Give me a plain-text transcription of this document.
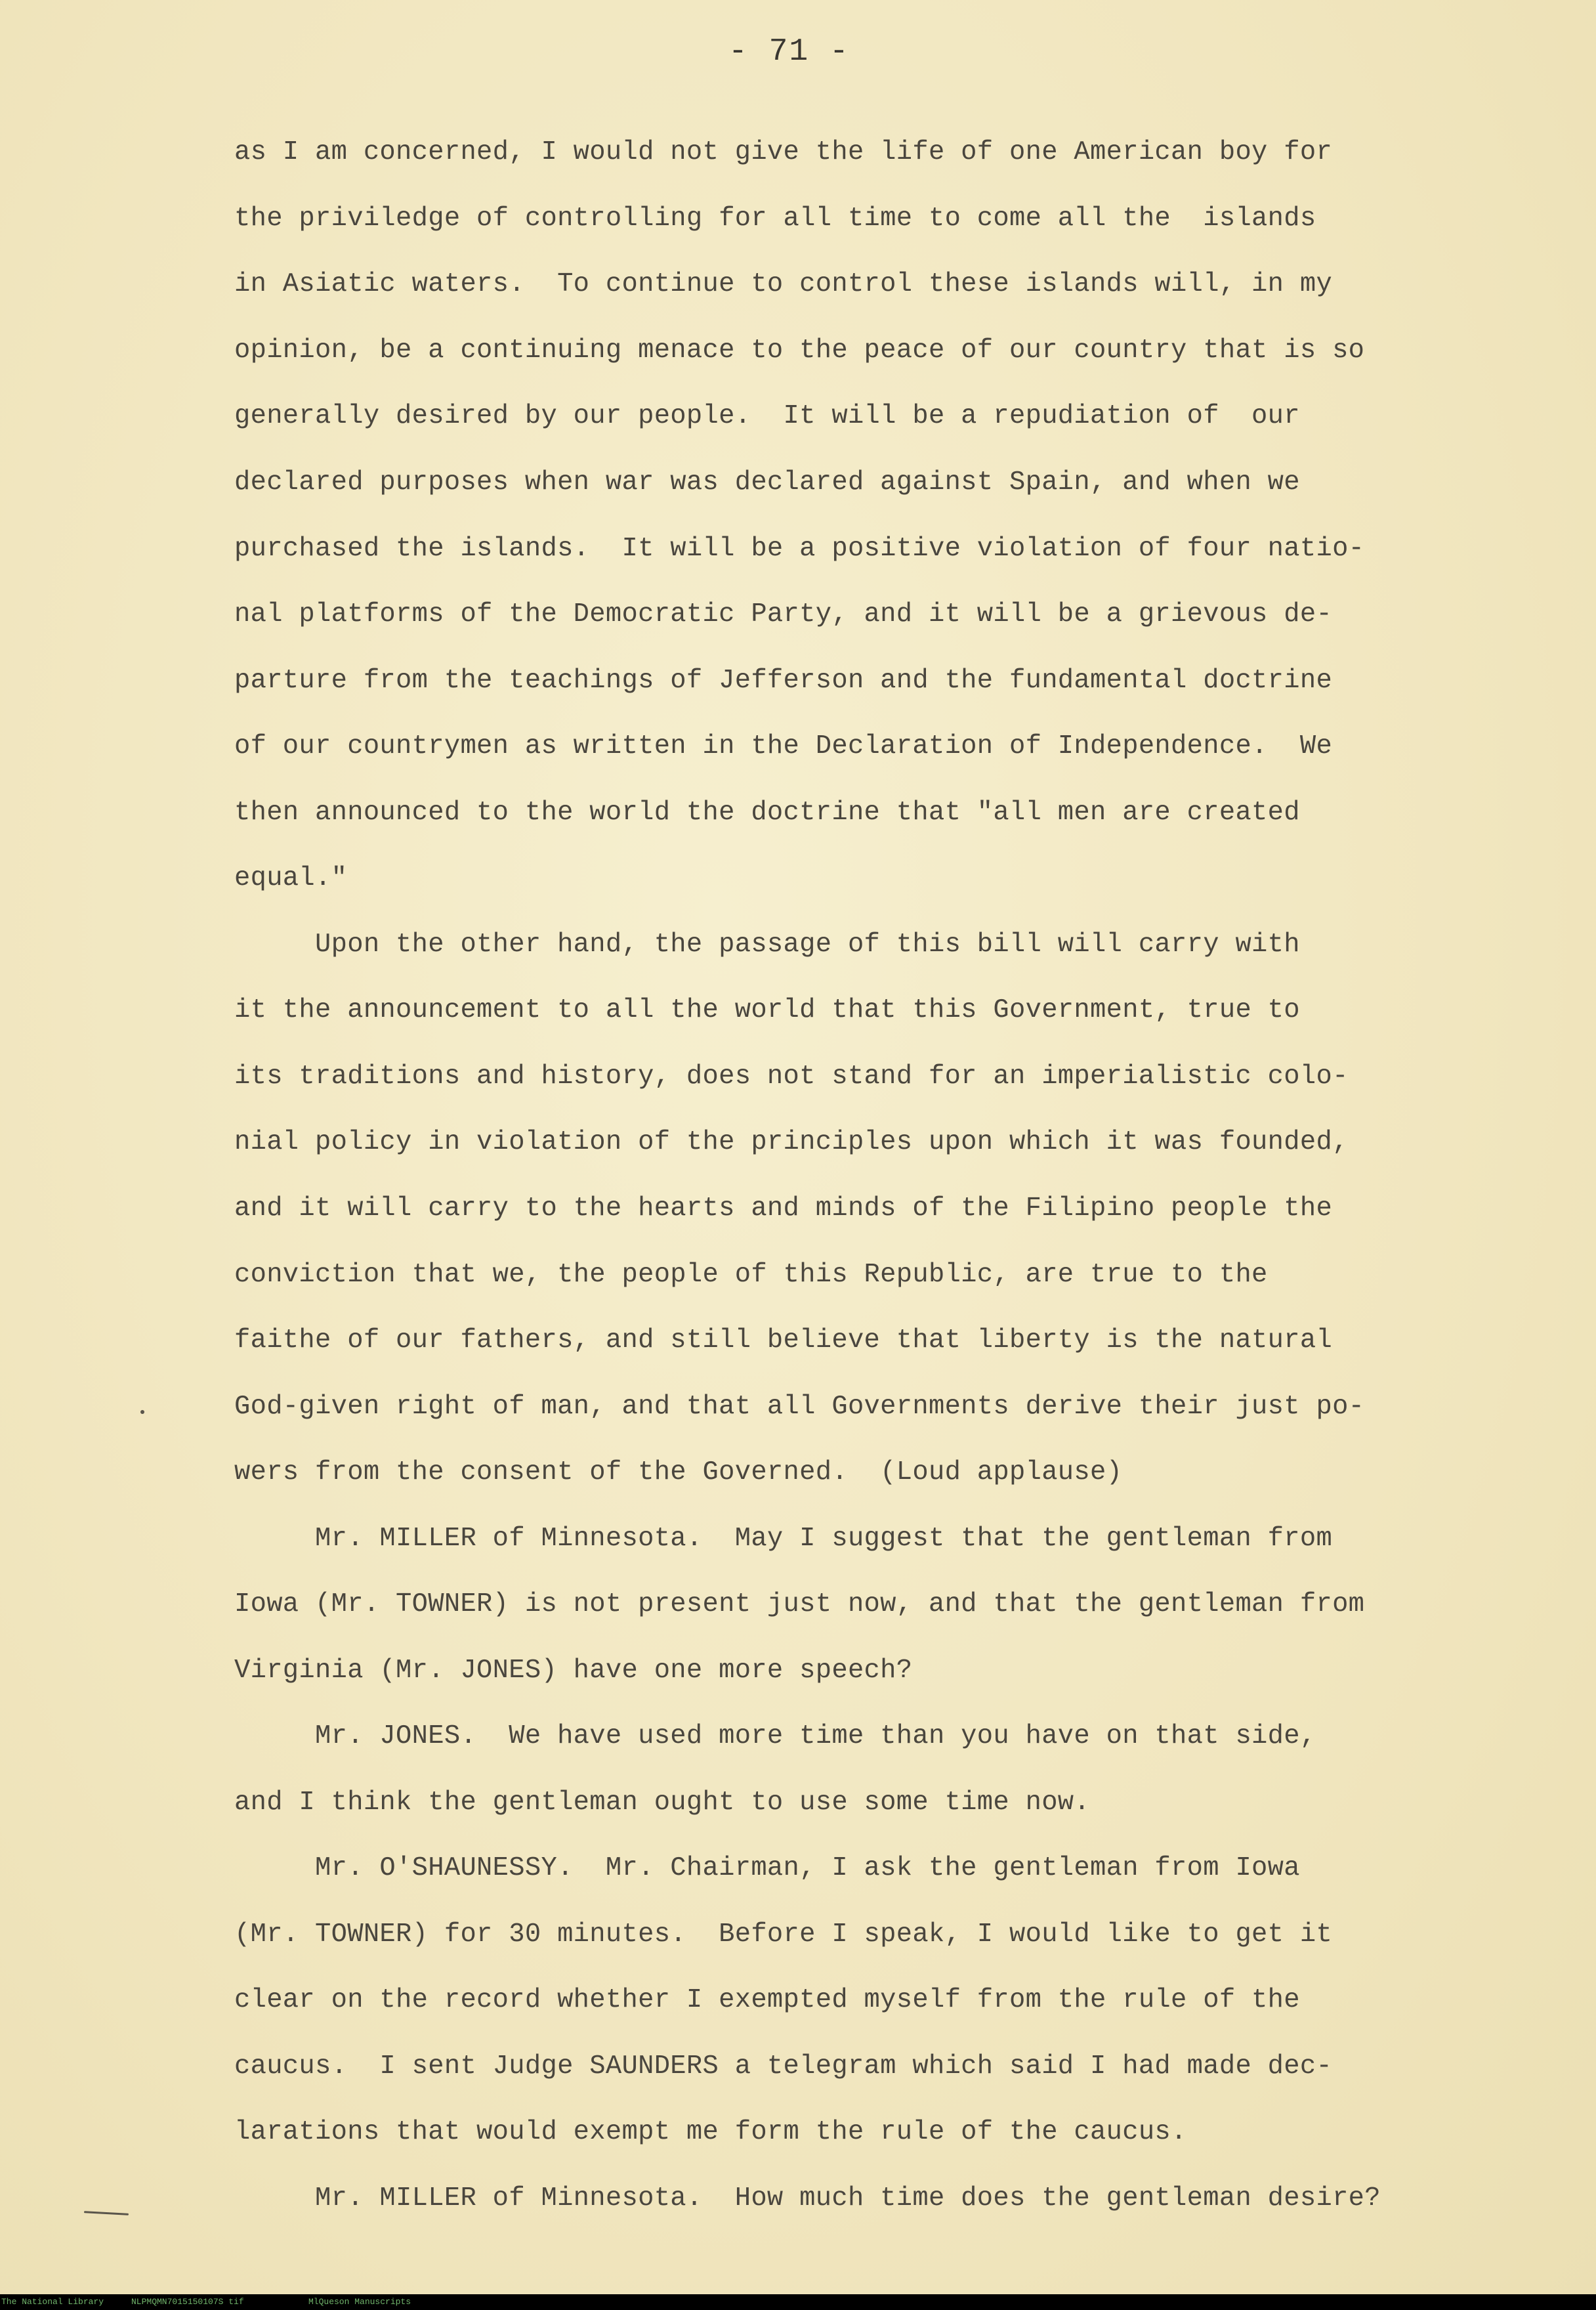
- 71 -
as I am concerned, I would not give the life of one American boy for
the priviledge of controlling for all time to come all the  islands
in Asiatic waters.  To continue to control these islands will, in my
opinion, be a continuing menace to the peace of our country that is so
generally desired by our people.  It will be a repudiation of  our
declared purposes when war was declared against Spain, and when we
purchased the islands.  It will be a positive violation of four natio-
nal platforms of the Democratic Party, and it will be a grievous de-
parture from the teachings of Jefferson and the fundamental doctrine
of our countrymen as written in the Declaration of Independence.  We
then announced to the world the doctrine that "all men are created
equal."
Upon the other hand, the passage of this bill will carry with
it the announcement to all the world that this Government, true to
its traditions and history, does not stand for an imperialistic colo-
nial policy in violation of the principles upon which it was founded,
and it will carry to the hearts and minds of the Filipino people the
conviction that we, the people of this Republic, are true to the
faithe of our fathers, and still believe that liberty is the natural
God-given right of man, and that all Governments derive their just po-
wers from the consent of the Governed.  (Loud applause)
Mr. MILLER of Minnesota.  May I suggest that the gentleman from
Iowa (Mr. TOWNER) is not present just now, and that the gentleman from
Virginia (Mr. JONES) have one more speech?
Mr. JONES.  We have used more time than you have on that side,
and I think the gentleman ought to use some time now.
Mr. O'SHAUNESSY.  Mr. Chairman, I ask the gentleman from Iowa
(Mr. TOWNER) for 30 minutes.  Before I speak, I would like to get it
clear on the record whether I exempted myself from the rule of the
caucus.  I sent Judge SAUNDERS a telegram which said I had made dec-
larations that would exempt me form the rule of the caucus.
Mr. MILLER of Minnesota.  How much time does the gentleman desire?

The National Library

	NLPMQMN7015150107S tif

	MlQueson Manuscripts
